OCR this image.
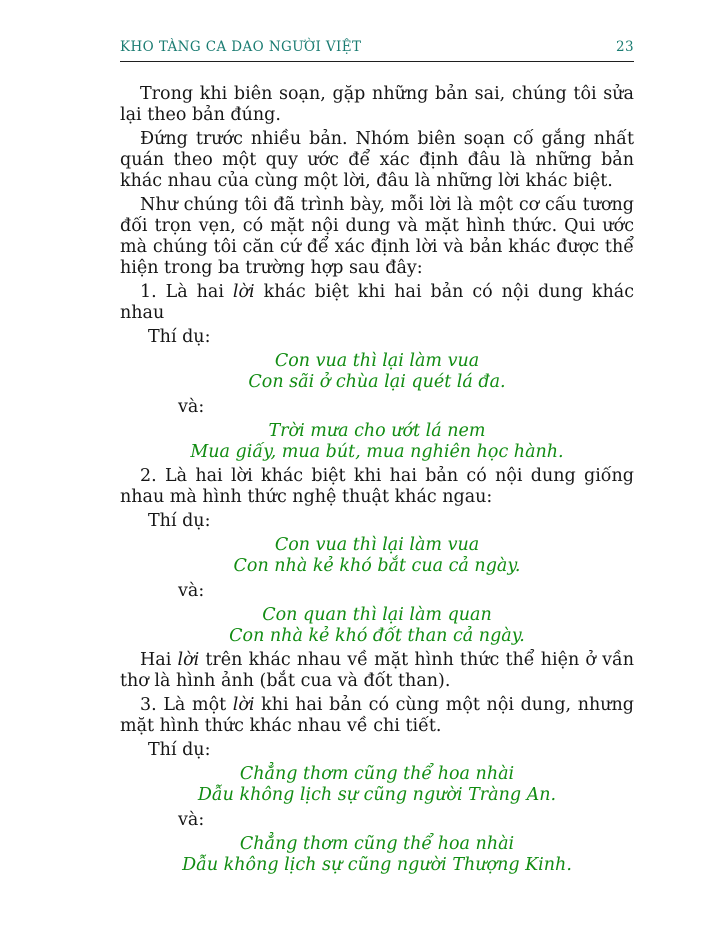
KHO TÀNG CA DAO NGƯỜI VIỆT	23

Trong khi biên soạn, gặp những bản sai, chúng tôi sửa lại theo bản đúng.

Đứng trước nhiều bản. Nhóm biên soạn cố gắng nhất quán theo một quy ước để xác định đâu là những bản khác nhau của cùng một lời, đâu là những lời khác biệt.

Như chúng tôi đã trình bày, mỗi lời là một cơ cấu tương đối trọn vẹn, có mặt nội dung và mặt hình thức. Qui ước mà chúng tôi căn cứ để xác định lời và bản khác được thể hiện trong ba trường hợp sau đây:

1. Là hai lời khác biệt khi hai bản có nội dung khác nhau

Thí dụ:

Con vua thì lại làm vua
Con sãi ở chùa lại quét lá đa.

và:

Trời mưa cho ướt lá nem
Mua giấy, mua bút, mua nghiên học hành.

2. Là hai lời khác biệt khi hai bản có nội dung giống nhau mà hình thức nghệ thuật khác ngau:

Thí dụ:

Con vua thì lại làm vua
Con nhà kẻ khó bắt cua cả ngày.

và:

Con quan thì lại làm quan
Con nhà kẻ khó đốt than cả ngày.

Hai lời trên khác nhau về mặt hình thức thể hiện ở vần thơ là hình ảnh (bắt cua và đốt than).

3. Là một lời khi hai bản có cùng một nội dung, nhưng mặt hình thức khác nhau về chi tiết.

Thí dụ:

Chẳng thơm cũng thể hoa nhài
Dẫu không lịch sự cũng người Tràng An.

và:

Chẳng thơm cũng thể hoa nhài
Dẫu không lịch sự cũng người Thượng Kinh.
